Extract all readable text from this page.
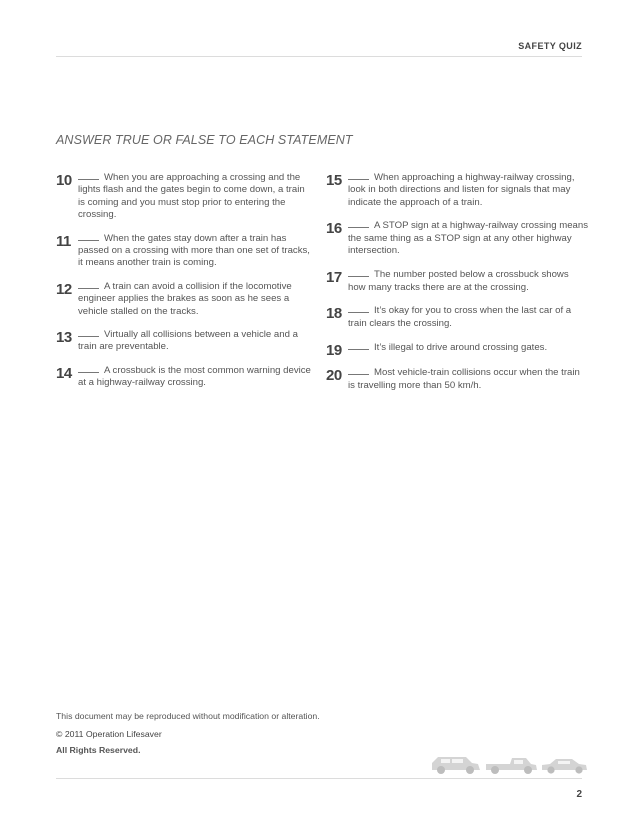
SAFETY QUIZ
ANSWER TRUE OR FALSE TO EACH STATEMENT
10	When you are approaching a crossing and the lights flash and the gates begin to come down, a train is coming and you must stop prior to entering the crossing.
11	When the gates stay down after a train has passed on a crossing with more than one set of tracks, it means another train is coming.
12	A train can avoid a collision if the locomotive engineer applies the brakes as soon as he sees a vehicle stalled on the tracks.
13	Virtually all collisions between a vehicle and a train are preventable.
14	A crossbuck is the most common warning device at a highway-railway crossing.
15	When approaching a highway-railway crossing, look in both directions and listen for signals that may indicate the approach of a train.
16	A STOP sign at a highway-railway crossing means the same thing as a STOP sign at any other highway intersection.
17	The number posted below a crossbuck shows how many tracks there are at the crossing.
18	It’s okay for you to cross when the last car of a train clears the crossing.
19	It’s illegal to drive around crossing gates.
20	Most vehicle-train collisions occur when the train is travelling more than 50 km/h.
This document may be reproduced without modification or alteration.
© 2011 Operation Lifesaver
All Rights Reserved.
2
